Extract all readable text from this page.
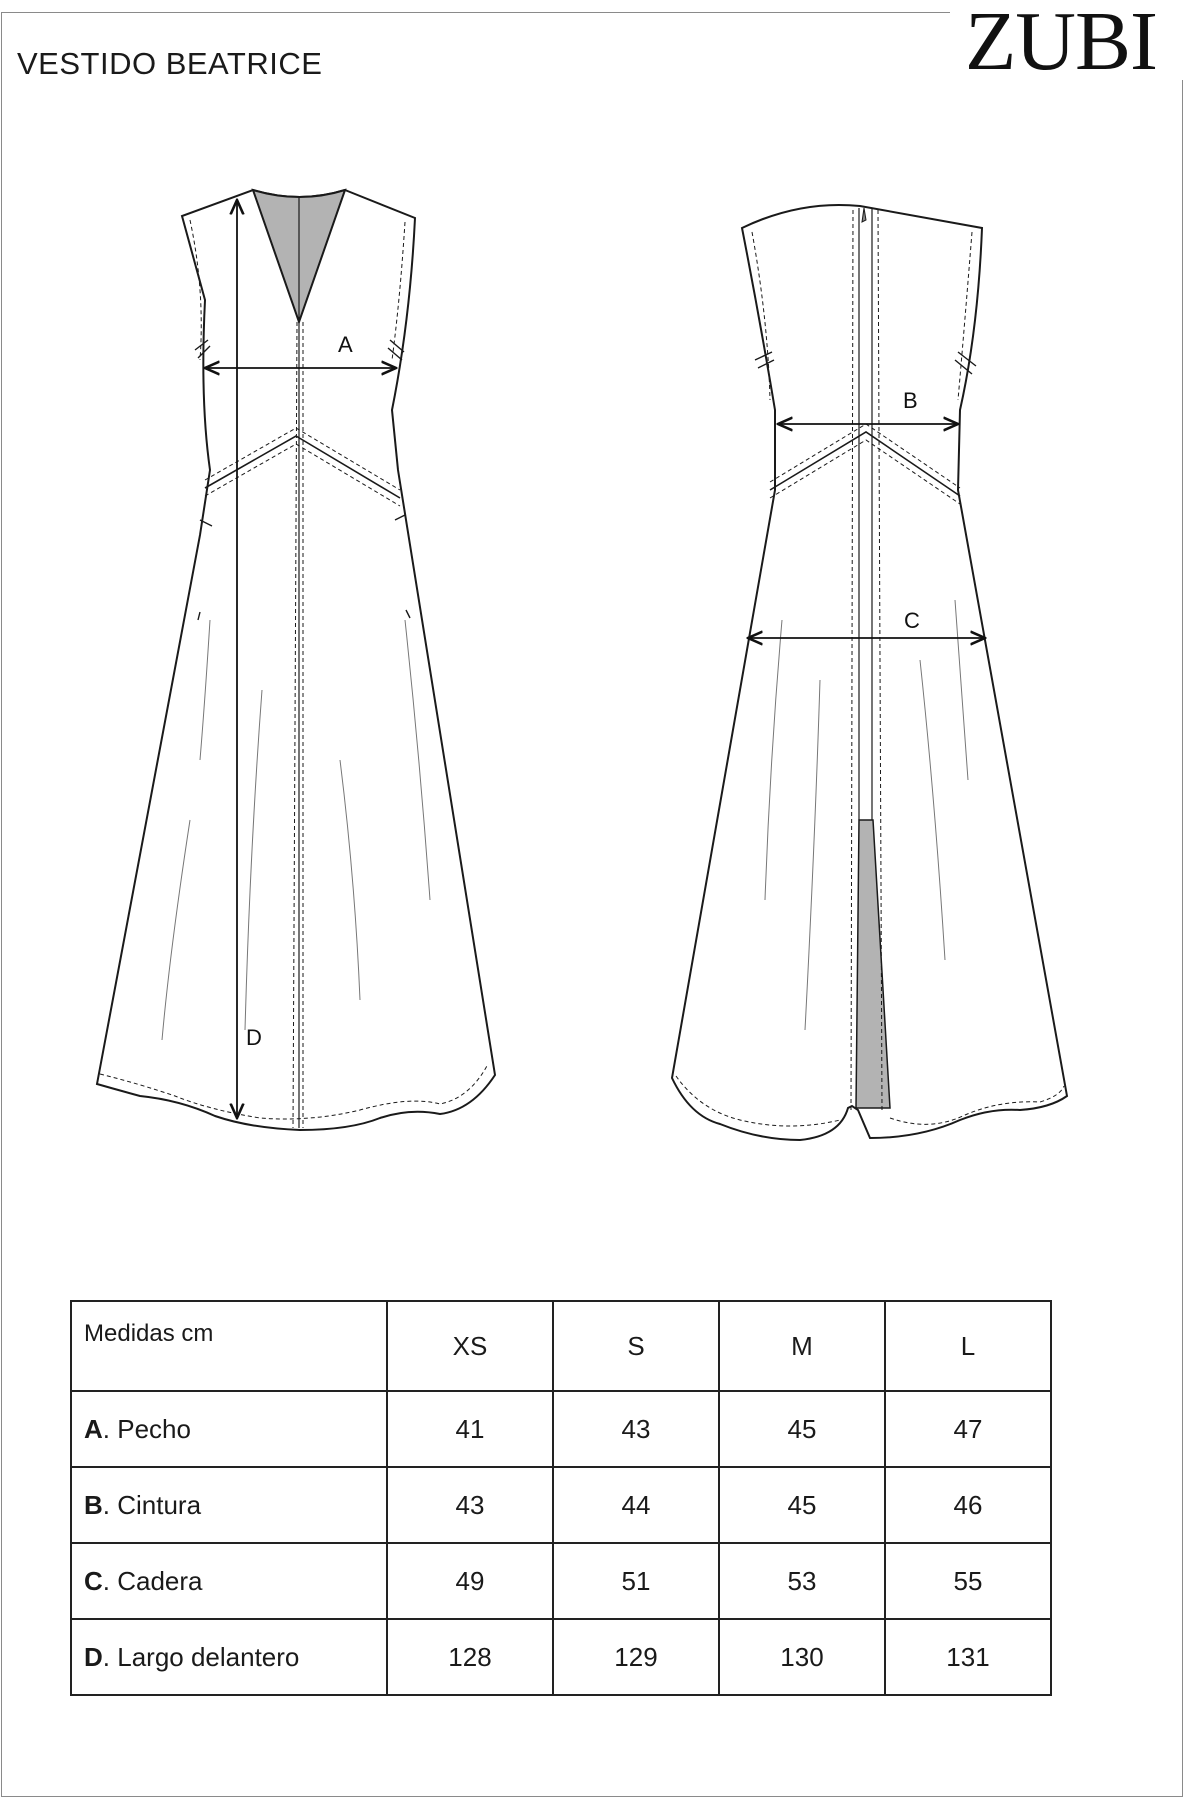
ZUBI
VESTIDO BEATRICE
A
D
B
C
Medidas cm	XS	S	M	L
A. Pecho	41	43	45	47
B. Cintura	43	44	45	46
C. Cadera	49	51	53	55
D. Largo delantero	128	129	130	131
